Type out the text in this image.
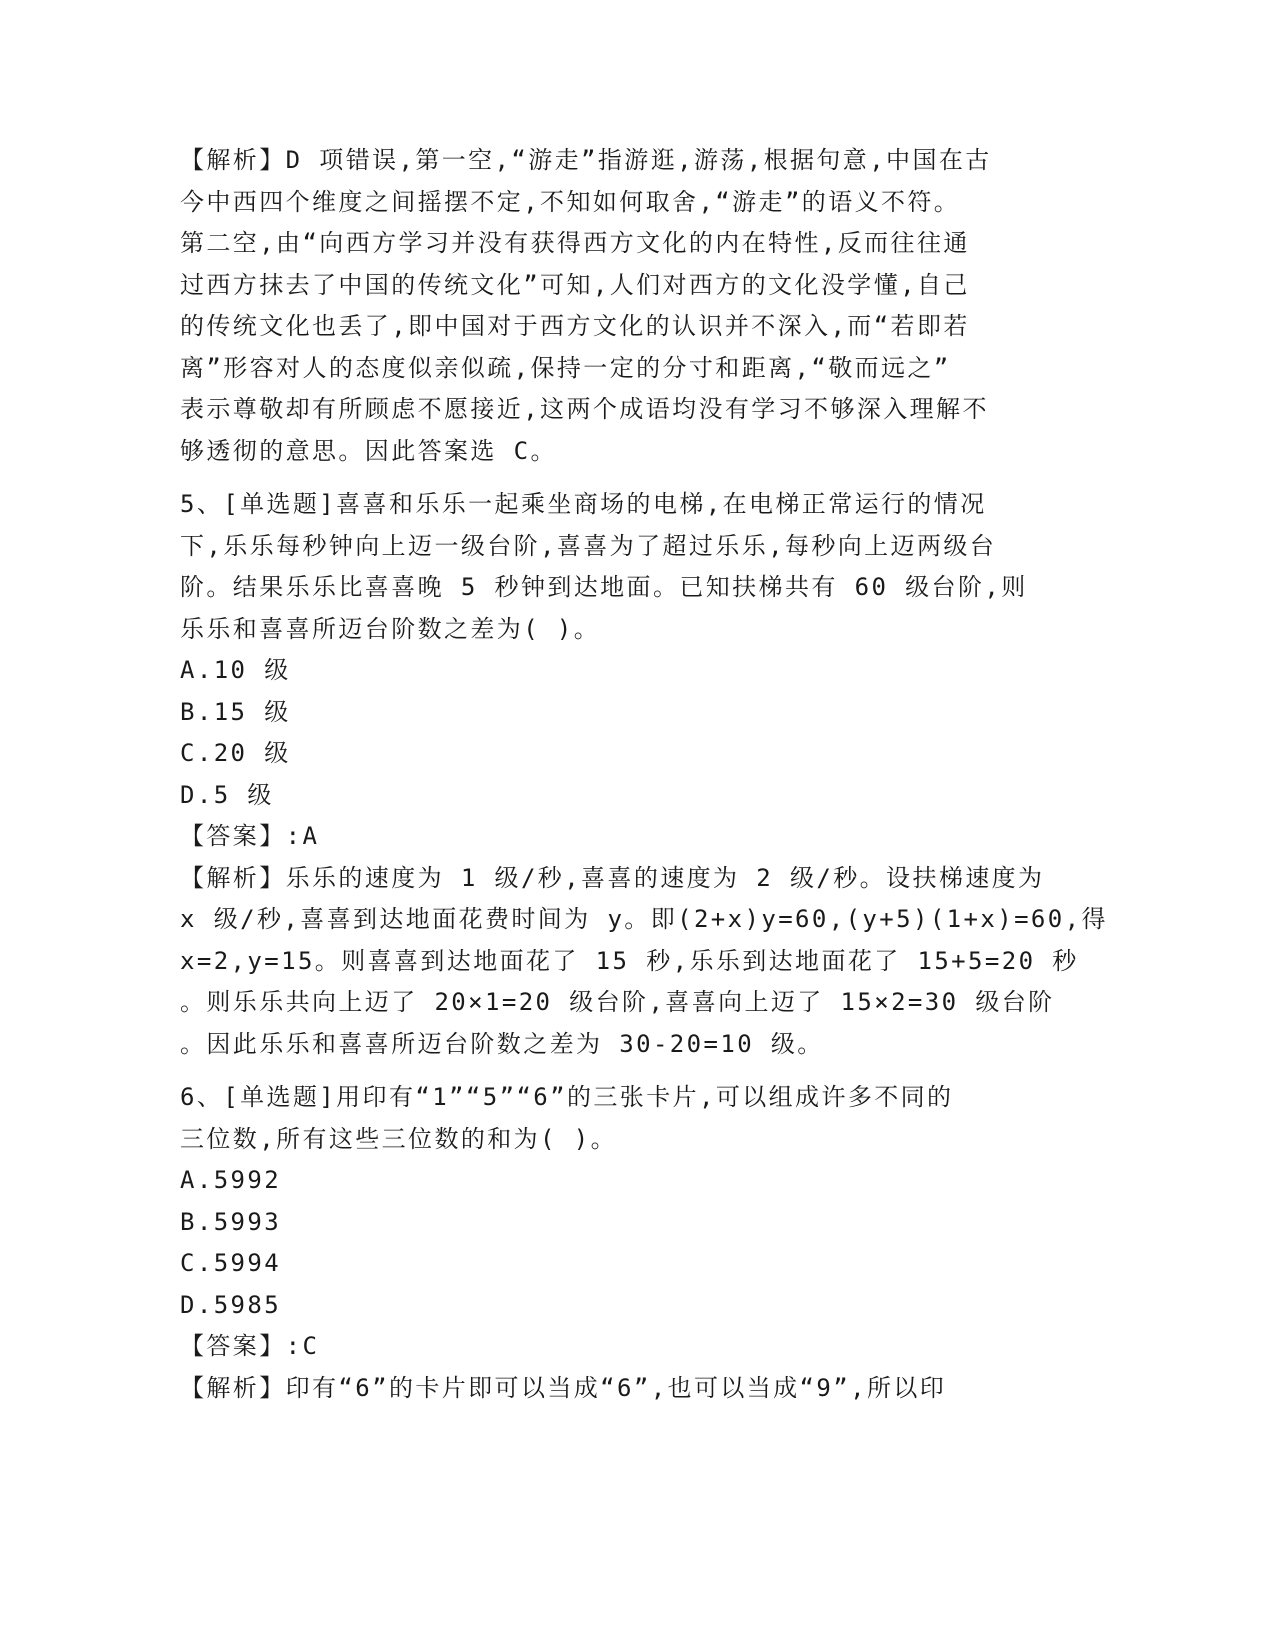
【解析】D 项错误,第一空,“游走”指游逛,游荡,根据句意,中国在古
今中西四个维度之间摇摆不定,不知如何取舍,“游走”的语义不符。
第二空,由“向西方学习并没有获得西方文化的内在特性,反而往往通
过西方抹去了中国的传统文化”可知,人们对西方的文化没学懂,自己
的传统文化也丢了,即中国对于西方文化的认识并不深入,而“若即若
离”形容对人的态度似亲似疏,保持一定的分寸和距离,“敬而远之”
表示尊敬却有所顾虑不愿接近,这两个成语均没有学习不够深入理解不
够透彻的意思。因此答案选 C。
5、[单选题]喜喜和乐乐一起乘坐商场的电梯,在电梯正常运行的情况
下,乐乐每秒钟向上迈一级台阶,喜喜为了超过乐乐,每秒向上迈两级台
阶。结果乐乐比喜喜晚 5 秒钟到达地面。已知扶梯共有 60 级台阶,则
乐乐和喜喜所迈台阶数之差为( )。
A.10 级
B.15 级
C.20 级
D.5 级
【答案】:A
【解析】乐乐的速度为 1 级/秒,喜喜的速度为 2 级/秒。设扶梯速度为
x 级/秒,喜喜到达地面花费时间为 y。即(2+x)y=60,(y+5)(1+x)=60,得
x=2,y=15。则喜喜到达地面花了 15 秒,乐乐到达地面花了 15+5=20 秒
。则乐乐共向上迈了 20×1=20 级台阶,喜喜向上迈了 15×2=30 级台阶
。因此乐乐和喜喜所迈台阶数之差为 30-20=10 级。
6、[单选题]用印有“1”“5”“6”的三张卡片,可以组成许多不同的
三位数,所有这些三位数的和为( )。
A.5992
B.5993
C.5994
D.5985
【答案】:C
【解析】印有“6”的卡片即可以当成“6”,也可以当成“9”,所以印
